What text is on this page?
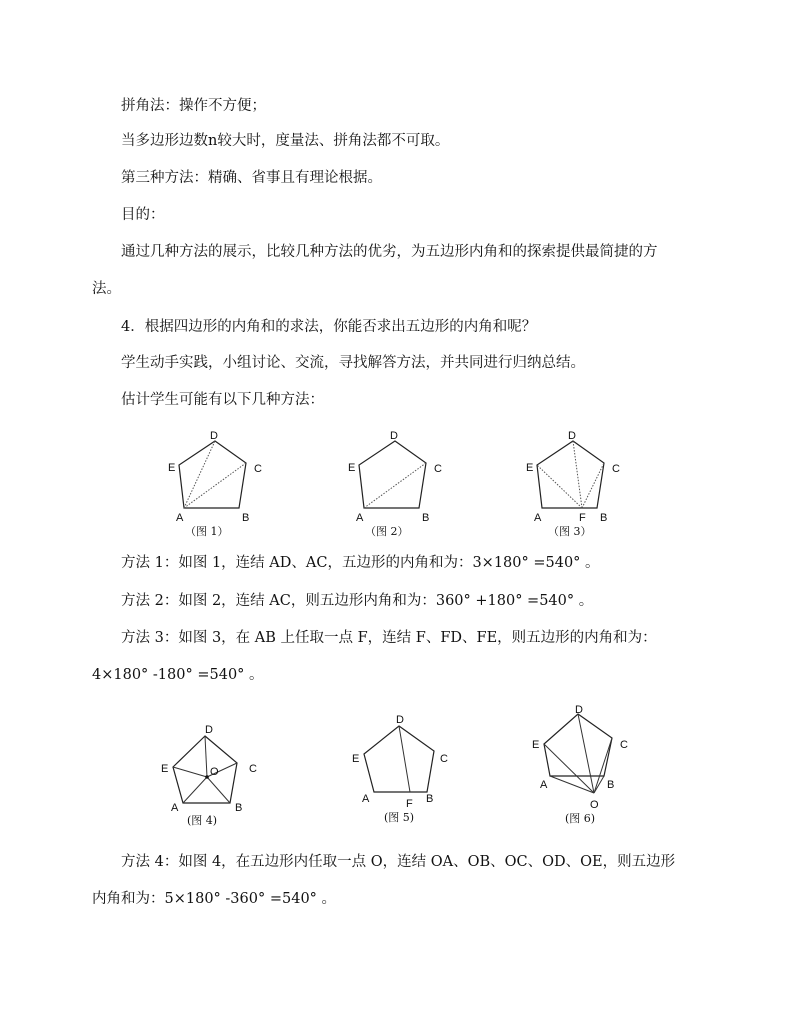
拼角法：操作不方便；
当多边形边数n较大时，度量法、拼角法都不可取。
第三种方法：精确、省事且有理论根据。
目的：
通过几种方法的展示，比较几种方法的优劣，为五边形内角和的探索提供最简捷的方
法。
4．根据四边形的内角和的求法，你能否求出五边形的内角和呢？
学生动手实践，小组讨论、交流，寻找解答方法，并共同进行归纳总结。
估计学生可能有以下几种方法：
D
C
E
A	B
（图 1）
D
C
E
A	B
（图 2）
D
C
E
A	B
F
（图 3）
方法 1：如图 1，连结 AD、AC，五边形的内角和为：3×180° =540° 。
方法 2：如图 2，连结 AC，则五边形内角和为：360° +180° =540° 。
方法 3：如图 3，在 AB 上任取一点 F，连结 F、FD、FE，则五边形的内角和为：
4×180° -180° =540° 。
D
C
E	O
A	B
(图 4)
D
C
E
A	B
F
(图 5)
D
C
E
A	B
O
(图 6)
方法 4：如图 4，在五边形内任取一点 O，连结 OA、OB、OC、OD、OE，则五边形
内角和为：5×180° -360° =540° 。
